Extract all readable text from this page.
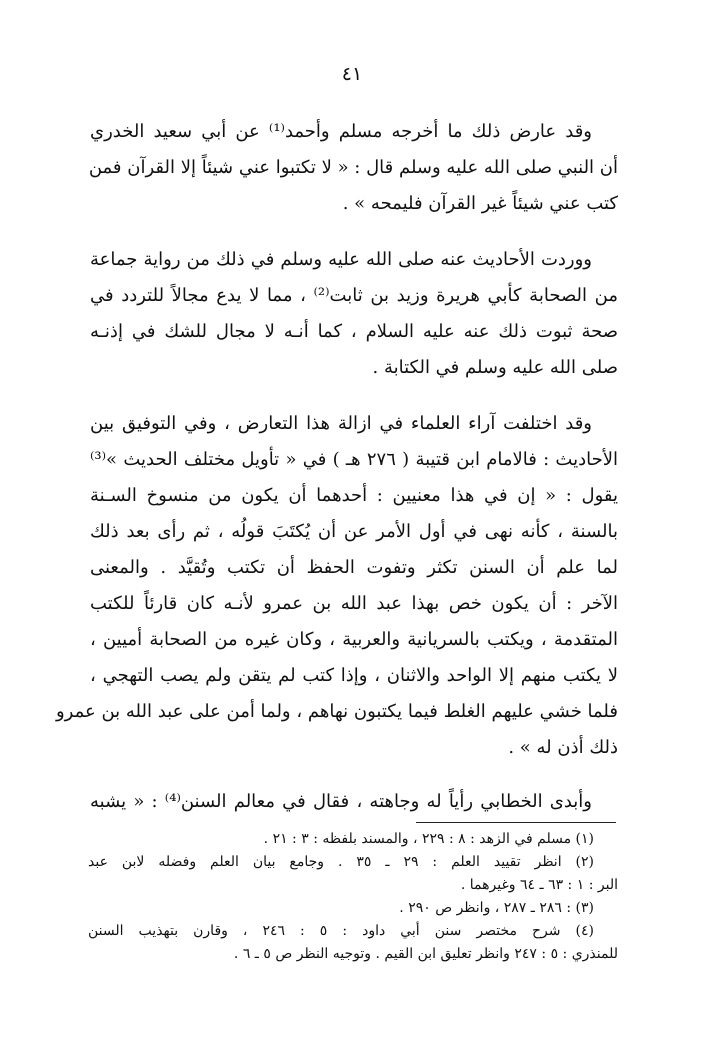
٤١
وقد عارض ذلك ما أخرجه مسلم وأحمد⁽¹⁾ عن أبي سعيد الخدري
أن النبي صلى الله عليه وسلم قال : « لا تكتبوا عني شيئاً إلا القرآن فمن
كتب عني شيئاً غير القرآن فليمحه » .
ووردت الأحاديث عنه صلى الله عليه وسلم في ذلك من رواية جماعة
من الصحابة كأبي هريرة وزيد بن ثابت⁽²⁾ ، مما لا يدع مجالاً للتردد في
صحة ثبوت ذلك عنه عليه السلام ، كما أنـه لا مجال للشك في إذنـه
صلى الله عليه وسلم في الكتابة .
وقد اختلفت آراء العلماء في ازالة هذا التعارض ، وفي التوفيق بين
الأحاديث : فالامام ابن قتيبة ( ٢٧٦ هـ ) في « تأويل مختلف الحديث »⁽³⁾
يقول : « إن في هذا معنيين : أحدهما أن يكون من منسوخ السـنة
بالسنة ، كأنه نهى في أول الأمر عن أن يُكتَبَ قولُه ، ثم رأى بعد ذلك
لما علم أن السنن تكثر وتفوت الحفظ أن تكتب وتُقيَّد . والمعنى
الآخر : أن يكون خص بهذا عبد الله بن عمرو لأنـه كان قارئاً للكتب
المتقدمة ، ويكتب بالسريانية والعربية ، وكان غيره من الصحابة أميين ،
لا يكتب منهم إلا الواحد والاثنان ، وإذا كتب لم يتقن ولم يصب التهجي ،
فلما خشي عليهم الغلط فيما يكتبون نهاهم ، ولما أمن على عبد الله بن عمرو
ذلك أذن له » .
وأبدى الخطابي رأياً له وجاهته ، فقال في معالم السنن⁽⁴⁾ : « يشبه
(١) مسلم في الزهد : ٨ : ٢٢٩ ، والمسند بلفظه : ٣ : ٢١ .
(٢) انظر تقييد العلم : ٢٩ ـ ٣٥ . وجامع بيان العلم وفضله لابن عبد
البر : ١ : ٦٣ ـ ٦٤ وغيرهما .
(٣) : ٢٨٦ ـ ٢٨٧ ، وانظر ص ٢٩٠ .
(٤) شرح مختصر سنن أبي داود : ٥ : ٢٤٦ ، وقارن بتهذيب السنن
للمنذري : ٥ : ٢٤٧ وانظر تعليق ابن القيم . وتوجيه النظر ص ٥ ـ ٦ .
